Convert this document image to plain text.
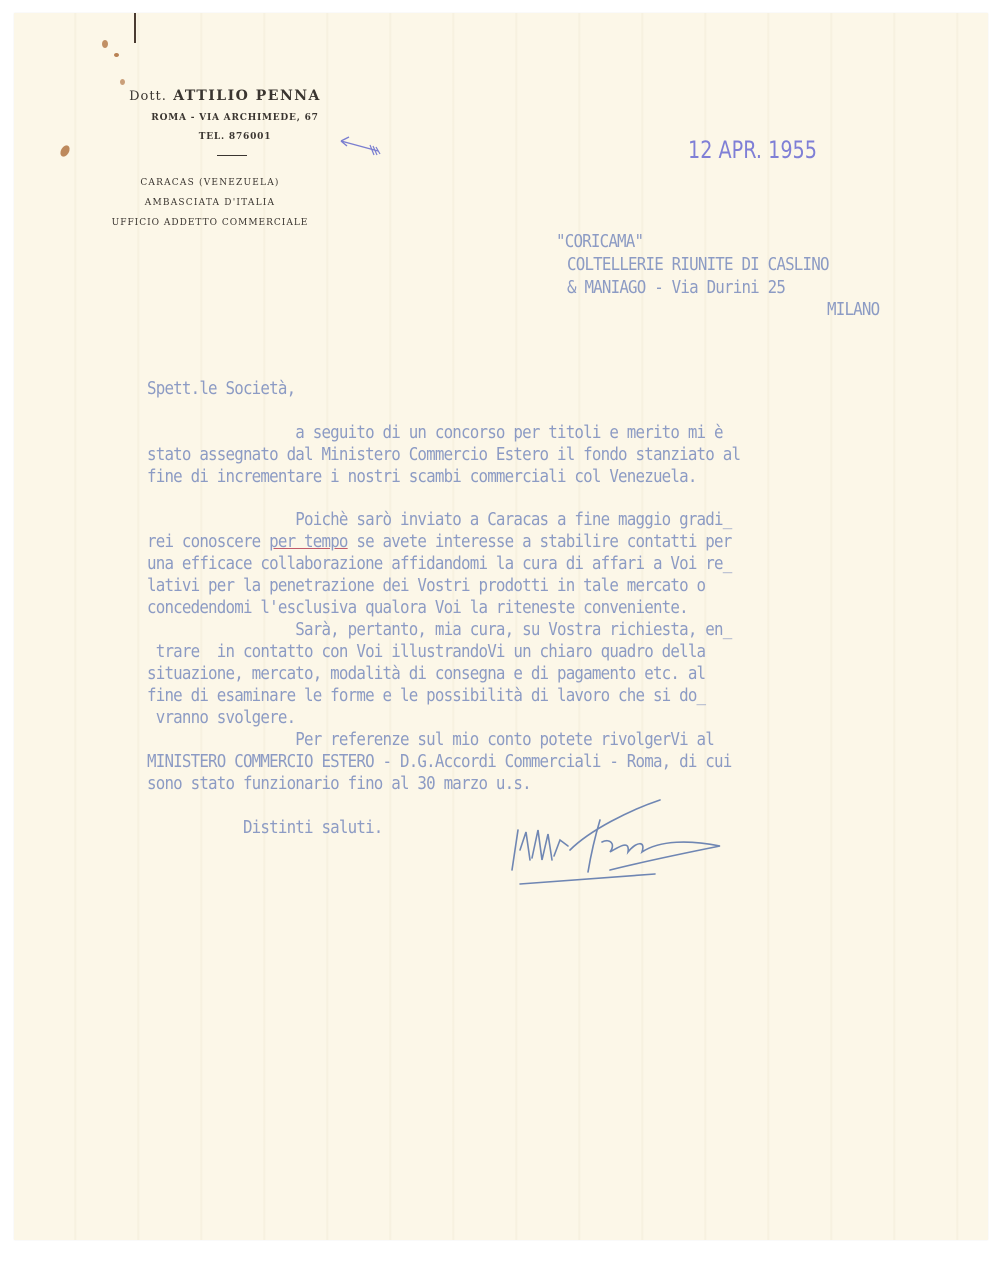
Dott. ATTILIO PENNA
ROMA - VIA ARCHIMEDE, 67
TEL. 876001
CARACAS (VENEZUELA)
AMBASCIATA D'ITALIA
UFFICIO ADDETTO COMMERCIALE
12 APR. 1955
"CORICAMA"
COLTELLERIE RIUNITE DI CASLINO
& MANIAGO - Via Durini 25
MILANO
Spett.le Società,
a seguito di un concorso per titoli e merito mi è
stato assegnato dal Ministero Commercio Estero il fondo stanziato al
fine di incrementare i nostri scambi commerciali col Venezuela.
Poichè sarò inviato a Caracas a fine maggio gradi_
rei conoscere per tempo se avete interesse a stabilire contatti per
una efficace collaborazione affidandomi la cura di affari a Voi re_
lativi per la penetrazione dei Vostri prodotti in tale mercato o
concedendomi l'esclusiva qualora Voi la riteneste conveniente.
Sarà, pertanto, mia cura, su Vostra richiesta, en_
trare  in contatto con Voi illustrandoVi un chiaro quadro della
situazione, mercato, modalità di consegna e di pagamento etc. al
fine di esaminare le forme e le possibilità di lavoro che si do_
vranno svolgere.
Per referenze sul mio conto potete rivolgerVi al
MINISTERO COMMERCIO ESTERO - D.G.Accordi Commerciali - Roma, di cui
sono stato funzionario fino al 30 marzo u.s.
Distinti saluti.
